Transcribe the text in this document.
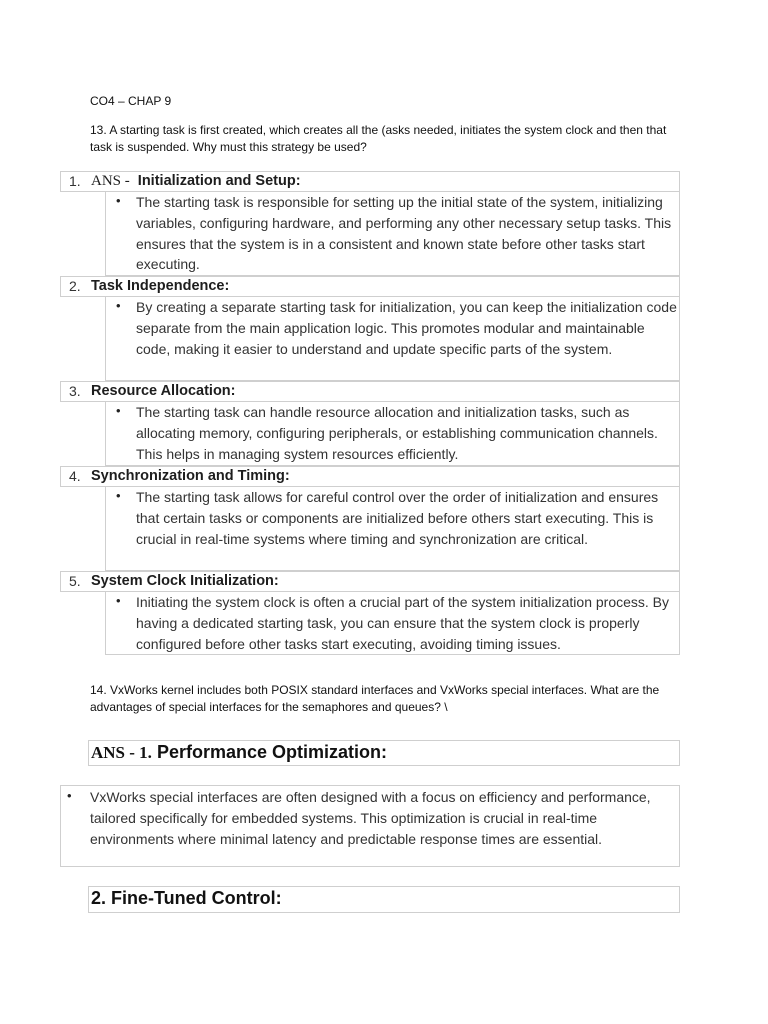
CO4 – CHAP 9
13. A starting task is first created, which creates all the (asks needed, initiates the system clock and then that task is suspended. Why must this strategy be used?
1. ANS - Initialization and Setup:
• The starting task is responsible for setting up the initial state of the system, initializing variables, configuring hardware, and performing any other necessary setup tasks. This ensures that the system is in a consistent and known state before other tasks start executing.
2. Task Independence:
• By creating a separate starting task for initialization, you can keep the initialization code separate from the main application logic. This promotes modular and maintainable code, making it easier to understand and update specific parts of the system.
3. Resource Allocation:
• The starting task can handle resource allocation and initialization tasks, such as allocating memory, configuring peripherals, or establishing communication channels. This helps in managing system resources efficiently.
4. Synchronization and Timing:
• The starting task allows for careful control over the order of initialization and ensures that certain tasks or components are initialized before others start executing. This is crucial in real-time systems where timing and synchronization are critical.
5. System Clock Initialization:
• Initiating the system clock is often a crucial part of the system initialization process. By having a dedicated starting task, you can ensure that the system clock is properly configured before other tasks start executing, avoiding timing issues.
14. VxWorks kernel includes both POSIX standard interfaces and VxWorks special interfaces. What are the advantages of special interfaces for the semaphores and queues? \
ANS - 1. Performance Optimization:
• VxWorks special interfaces are often designed with a focus on efficiency and performance, tailored specifically for embedded systems. This optimization is crucial in real-time environments where minimal latency and predictable response times are essential.
2. Fine-Tuned Control:
